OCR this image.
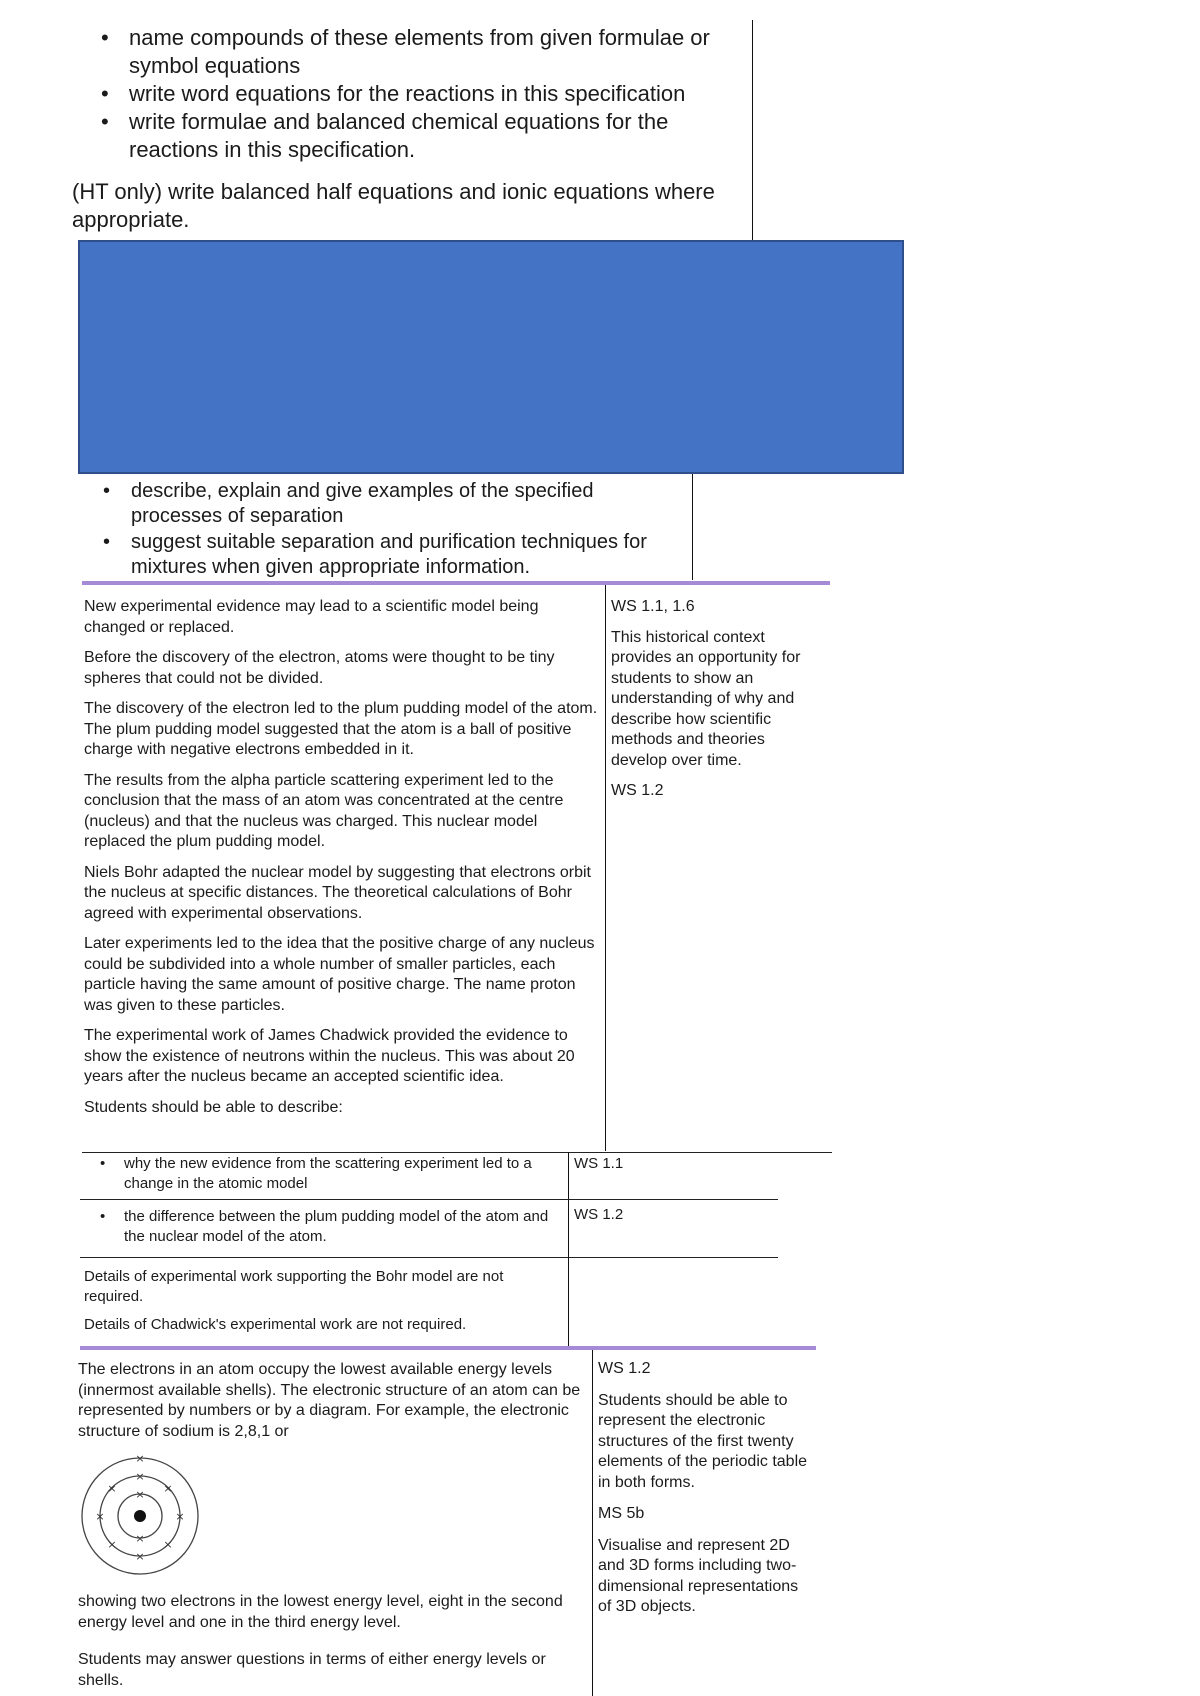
• name compounds of these elements from given formulae or symbol equations
• write word equations for the reactions in this specification
• write formulae and balanced chemical equations for the reactions in this specification.
(HT only) write balanced half equations and ionic equations where appropriate.
• describe, explain and give examples of the specified processes of separation
• suggest suitable separation and purification techniques for mixtures when given appropriate information.

New experimental evidence may lead to a scientific model being changed or replaced.

Before the discovery of the electron, atoms were thought to be tiny spheres that could not be divided.

The discovery of the electron led to the plum pudding model of the atom. The plum pudding model suggested that the atom is a ball of positive charge with negative electrons embedded in it.

The results from the alpha particle scattering experiment led to the conclusion that the mass of an atom was concentrated at the centre (nucleus) and that the nucleus was charged. This nuclear model replaced the plum pudding model.

Niels Bohr adapted the nuclear model by suggesting that electrons orbit the nucleus at specific distances. The theoretical calculations of Bohr agreed with experimental observations.

Later experiments led to the idea that the positive charge of any nucleus could be subdivided into a whole number of smaller particles, each particle having the same amount of positive charge. The name proton was given to these particles.

The experimental work of James Chadwick provided the evidence to show the existence of neutrons within the nucleus. This was about 20 years after the nucleus became an accepted scientific idea.

Students should be able to describe:

WS 1.1, 1.6

This historical context provides an opportunity for students to show an understanding of why and describe how scientific methods and theories develop over time.

WS 1.2

• why the new evidence from the scattering experiment led to a change in the atomic model
WS 1.1
• the difference between the plum pudding model of the atom and the nuclear model of the atom.
WS 1.2

Details of experimental work supporting the Bohr model are not required.

Details of Chadwick's experimental work are not required.

The electrons in an atom occupy the lowest available energy levels (innermost available shells). The electronic structure of an atom can be represented by numbers or by a diagram. For example, the electronic structure of sodium is 2,8,1 or

×
×
×
×
×
×
×
×
×
×
×

showing two electrons in the lowest energy level, eight in the second energy level and one in the third energy level.

Students may answer questions in terms of either energy levels or shells.

WS 1.2

Students should be able to represent the electronic structures of the first twenty elements of the periodic table in both forms.

MS 5b

Visualise and represent 2D and 3D forms including two-dimensional representations of 3D objects.
